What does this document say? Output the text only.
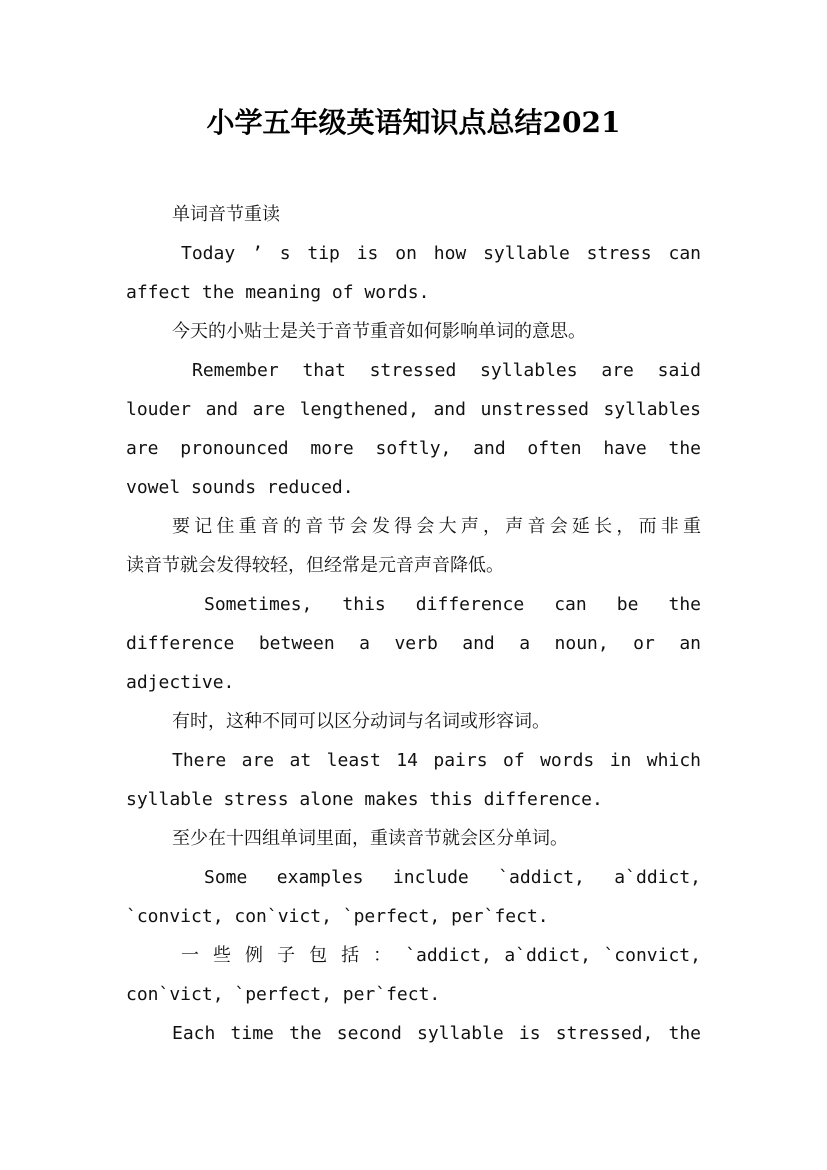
小学五年级英语知识点总结2021

单词音节重读

Today ’ s tip is on how syllable stress can

affect the meaning of words.

今天的小贴士是关于音节重音如何影响单词的意思。

Remember that stressed syllables are said

louder and are lengthened, and unstressed syllables

are pronounced more softly, and often have the

vowel sounds reduced.

要记住重音的音节会发得会大声，声音会延长，而非重

读音节就会发得较轻，但经常是元音声音降低。

Sometimes, this difference can be the

difference between a verb and a noun, or an

adjective.

有时，这种不同可以区分动词与名词或形容词。

There are at least 14 pairs of words in which

syllable stress alone makes this difference.

至少在十四组单词里面，重读音节就会区分单词。

Some examples include `addict, a`ddict,

`convict, con`vict, `perfect, per`fect.

一 些 例 子 包 括 ： `addict, a`ddict, `convict,

con`vict, `perfect, per`fect.

Each time the second syllable is stressed, the
